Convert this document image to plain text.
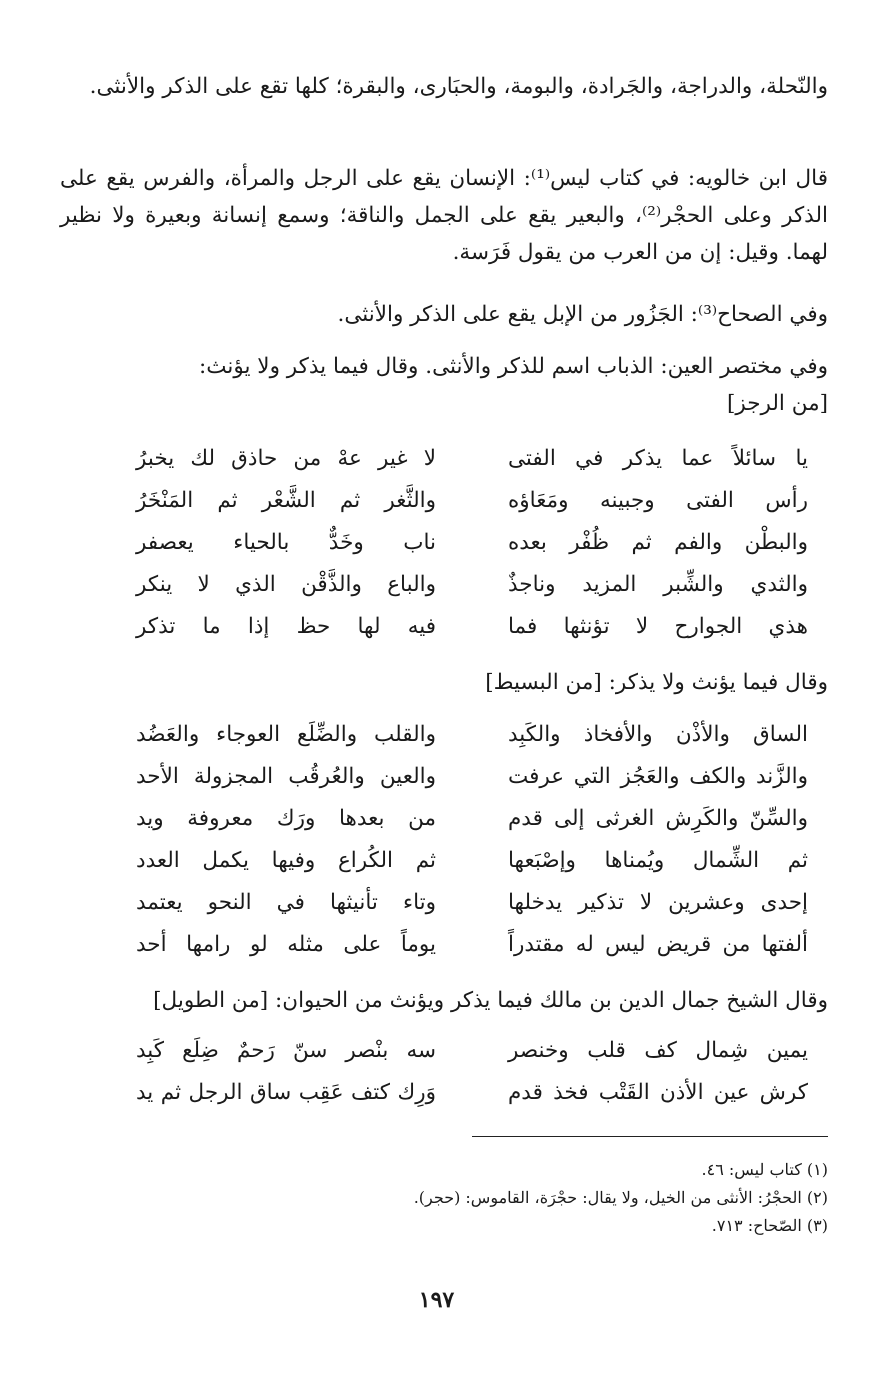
والنّحلة، والدراجة، والجَرادة، والبومة، والحبَارى، والبقرة؛ كلها تقع على الذكر والأنثى.

قال ابن خالويه: في كتاب ليس⁽¹⁾: الإنسان يقع على الرجل والمرأة، والفرس يقع على الذكر وعلى الحجْر⁽²⁾، والبعير يقع على الجمل والناقة؛ وسمع إنسانة وبعيرة ولا نظير لهما. وقيل: إن من العرب من يقول فَرَسة.

وفي الصحاح⁽³⁾: الجَزُور من الإبل يقع على الذكر والأنثى.

وفي مختصر العين: الذباب اسم للذكر والأنثى. وقال فيما يذكر ولا يؤنث:
[من الرجز]
يا سائلاً عما يذكر في الفتى
لا غير عهْ من حاذق لك يخبرُ
رأس الفتى وجبينه ومَعَاؤه
والثَّغر ثم الشَّعْر ثم المَنْخَرُ
والبطْن والفم ثم ظُفْر بعده
ناب وخَدٌّ بالحياء يعصفر
والثدي والشِّبر المزيد وناجذٌ
والباع والذَّقْن الذي لا ينكر
هذي الجوارح لا تؤنثها فما
فيه لها حظ إذا ما تذكر
وقال فيما يؤنث ولا يذكر: [من البسيط]
الساق والأذْن والأفخاذ والكَبِد
والقلب والضِّلَع العوجاء والعَضُد
والزَّند والكف والعَجُز التي عرفت
والعين والعُرقُب المجزولة الأحد
والسِّنّ والكَرِش الغرثى إلى قدم
من بعدها ورَك معروفة ويد
ثم الشِّمال ويُمناها وإصْبَعها
ثم الكُراع وفيها يكمل العدد
إحدى وعشرين لا تذكير يدخلها
وتاء تأنيثها في النحو يعتمد
ألفتها من قريض ليس له مقتدراً
يوماً على مثله لو رامها أحد
وقال الشيخ جمال الدين بن مالك فيما يذكر ويؤنث من الحيوان: [من الطويل]
يمين شِمال كف قلب وخنصر
سه بنْصر سنّ رَحمٌ ضِلَع كَبِد
كرش عين الأذن القَتْب فخذ قدم
وَرِك كتف عَقِب ساق الرجل ثم يد
(١) كتاب ليس: ٤٦.
(٢) الحجْرُ: الأنثى من الخيل، ولا يقال: حجْرَة، القاموس: (حجر).
(٣) الصّحاح: ٧١٣.
١٩٧
